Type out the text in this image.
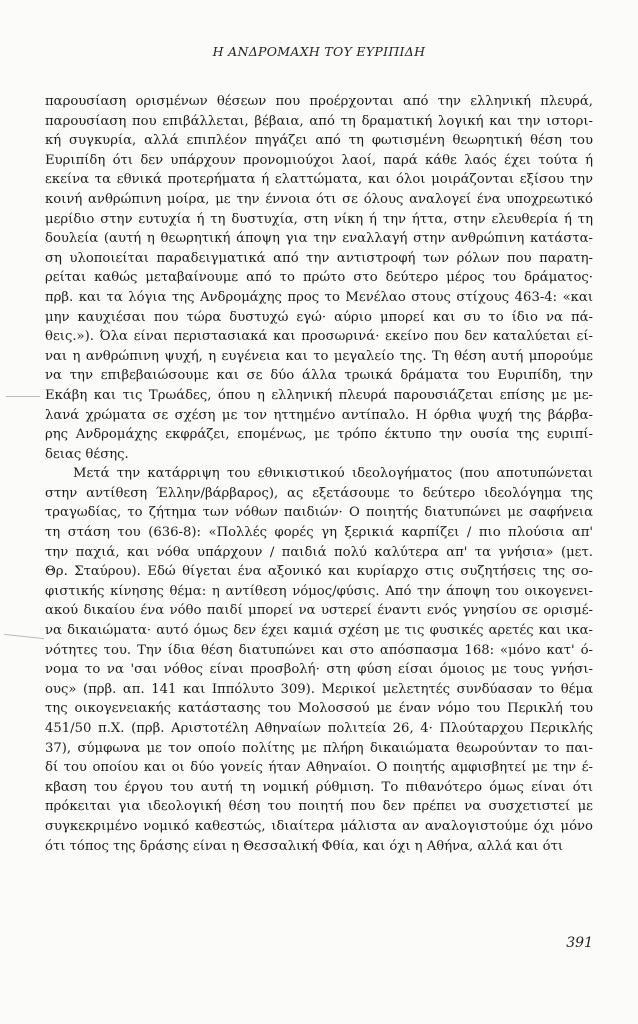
Η ΑΝΔΡΟΜΑΧΗ ΤΟΥ ΕΥΡΙΠΙΔΗ
παρουσίαση ορισμένων θέσεων που προέρχονται από την ελληνική πλευρά,
παρουσίαση που επιβάλλεται, βέβαια, από τη δραματική λογική και την ιστορι-
κή συγκυρία, αλλά επιπλέον πηγάζει από τη φωτισμένη θεωρητική θέση του
Ευριπίδη ότι δεν υπάρχουν προνομιούχοι λαοί, παρά κάθε λαός έχει τούτα ή
εκείνα τα εθνικά προτερήματα ή ελαττώματα, και όλοι μοιράζονται εξίσου την
κοινή ανθρώπινη μοίρα, με την έννοια ότι σε όλους αναλογεί ένα υποχρεωτικό
μερίδιο στην ευτυχία ή τη δυστυχία, στη νίκη ή την ήττα, στην ελευθερία ή τη
δουλεία (αυτή η θεωρητική άποψη για την εναλλαγή στην ανθρώπινη κατάστα-
ση υλοποιείται παραδειγματικά από την αντιστροφή των ρόλων που παρατη-
ρείται καθώς μεταβαίνουμε από το πρώτο στο δεύτερο μέρος του δράματος·
πρβ. και τα λόγια της Ανδρομάχης προς το Μενέλαο στους στίχους 463-4: «και
μην καυχιέσαι που τώρα δυστυχώ εγώ· αύριο μπορεί και συ το ίδιο να πά-
θεις.»). Όλα είναι περιστασιακά και προσωρινά· εκείνο που δεν καταλύεται εί-
ναι η ανθρώπινη ψυχή, η ευγένεια και το μεγαλείο της. Τη θέση αυτή μπορούμε
να την επιβεβαιώσουμε και σε δύο άλλα τρωικά δράματα του Ευριπίδη, την
Εκάβη και τις Τρωάδες, όπου η ελληνική πλευρά παρουσιάζεται επίσης με με-
λανά χρώματα σε σχέση με τον ηττημένο αντίπαλο. Η όρθια ψυχή της βάρβα-
ρης Ανδρομάχης εκφράζει, επομένως, με τρόπο έκτυπο την ουσία της ευριπί-
δειας θέσης.
Μετά την κατάρριψη του εθνικιστικού ιδεολογήματος (που αποτυπώνεται
στην αντίθεση Έλλην/βάρβαρος), ας εξετάσουμε το δεύτερο ιδεολόγημα της
τραγωδίας, το ζήτημα των νόθων παιδιών· Ο ποιητής διατυπώνει με σαφήνεια
τη στάση του (636-8): «Πολλές φορές γη ξερικιά καρπίζει / πιο πλούσια απ'
την παχιά, και νόθα υπάρχουν / παιδιά πολύ καλύτερα απ' τα γνήσια» (μετ.
Θρ. Σταύρου). Εδώ θίγεται ένα αξονικό και κυρίαρχο στις συζητήσεις της σο-
φιστικής κίνησης θέμα: η αντίθεση νόμος/φύσις. Από την άποψη του οικογενει-
ακού δικαίου ένα νόθο παιδί μπορεί να υστερεί έναντι ενός γνησίου σε ορισμέ-
να δικαιώματα· αυτό όμως δεν έχει καμιά σχέση με τις φυσικές αρετές και ικα-
νότητες του. Την ίδια θέση διατυπώνει και στο απόσπασμα 168: «μόνο κατ' ό-
νομα το να 'σαι νόθος είναι προσβολή· στη φύση είσαι όμοιος με τους γνήσι-
ους» (πρβ. απ. 141 και Ιππόλυτο 309). Μερικοί μελετητές συνδύασαν το θέμα
της οικογενειακής κατάστασης του Μολοσσού με έναν νόμο του Περικλή του
451/50 π.Χ. (πρβ. Αριστοτέλη Αθηναίων πολιτεία 26, 4· Πλούταρχου Περικλής
37), σύμφωνα με τον οποίο πολίτης με πλήρη δικαιώματα θεωρούνταν το παι-
δί του οποίου και οι δύο γονείς ήταν Αθηναίοι. Ο ποιητής αμφισβητεί με την έ-
κβαση του έργου του αυτή τη νομική ρύθμιση. Το πιθανότερο όμως είναι ότι
πρόκειται για ιδεολογική θέση του ποιητή που δεν πρέπει να συσχετιστεί με
συγκεκριμένο νομικό καθεστώς, ιδιαίτερα μάλιστα αν αναλογιστούμε όχι μόνο
ότι τόπος της δράσης είναι η Θεσσαλική Φθία, και όχι η Αθήνα, αλλά και ότι
391
